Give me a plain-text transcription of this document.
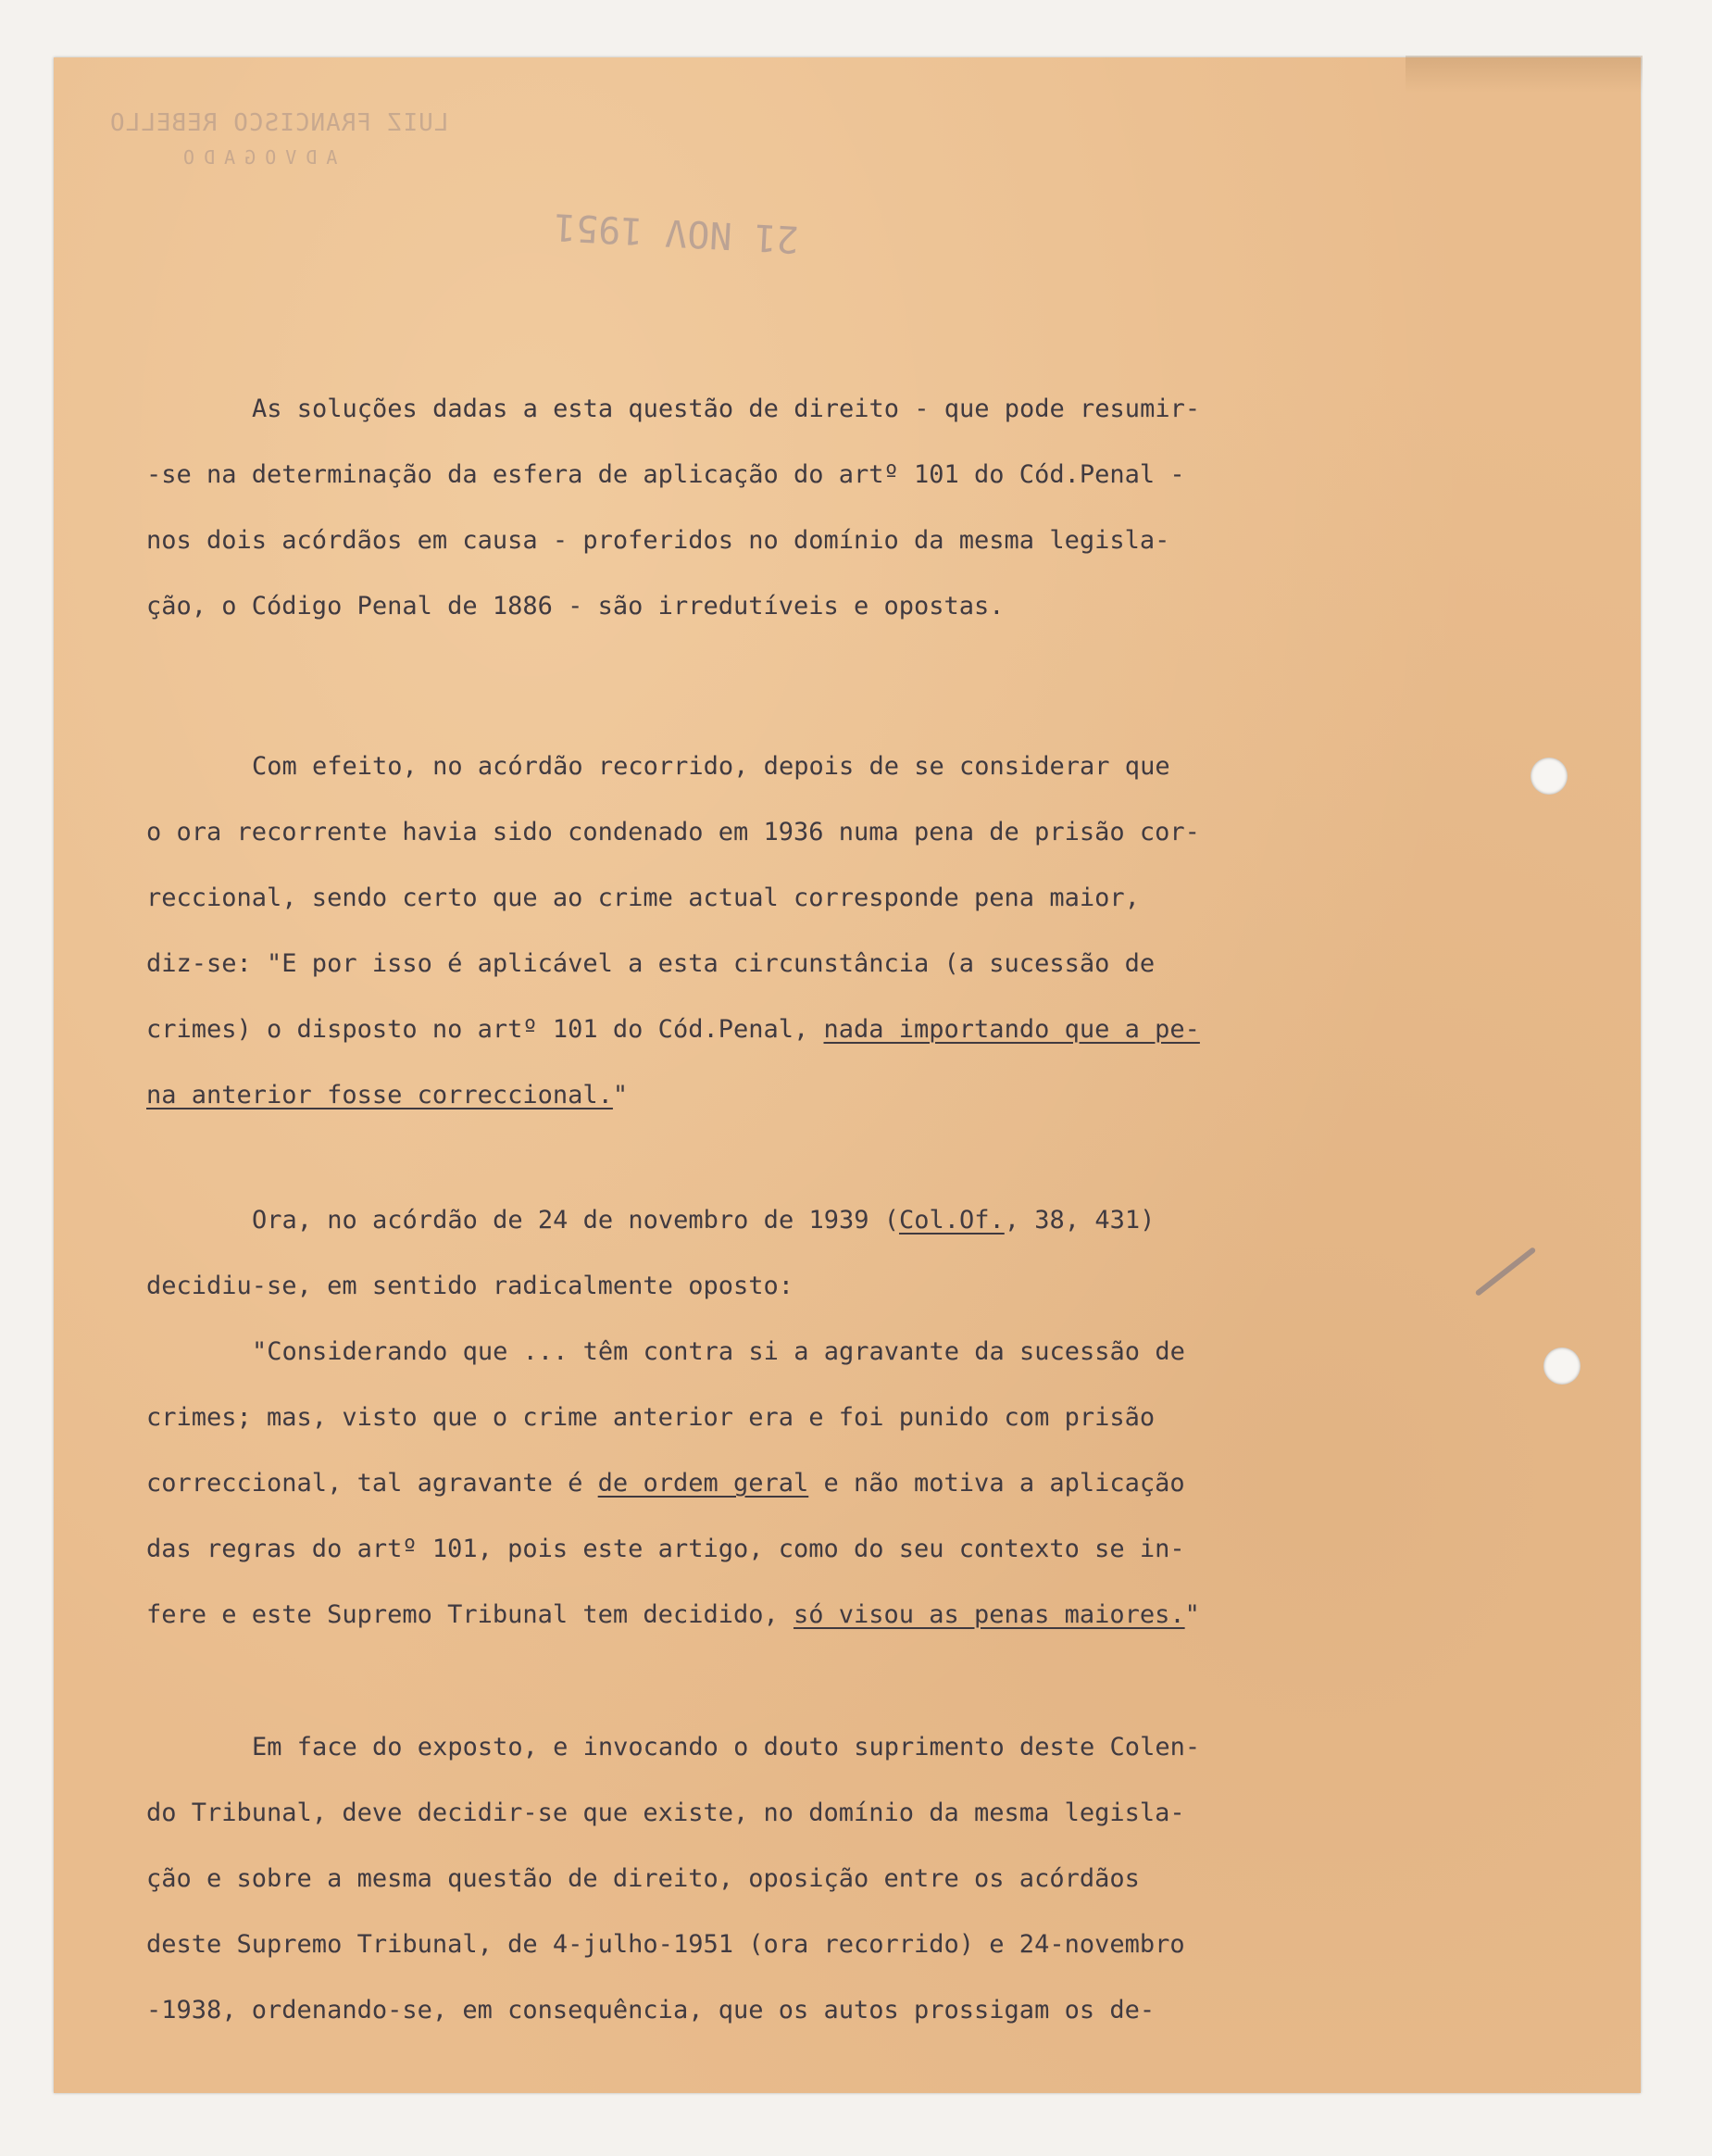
LUIZ FRANCISCO REBELLO
ADVOGADO
21 NOV 1951
As soluções dadas a esta questão de direito - que pode resumir-
-se na determinação da esfera de aplicação do artº 101 do Cód.Penal -
nos dois acórdãos em causa - proferidos no domínio da mesma legisla-
ção, o Código Penal de 1886 - são irredutíveis e opostas.
Com efeito, no acórdão recorrido, depois de se considerar que
o ora recorrente havia sido condenado em 1936 numa pena de prisão cor-
reccional, sendo certo que ao crime actual corresponde pena maior,
diz-se: "E por isso é aplicável a esta circunstância (a sucessão de
crimes) o disposto no artº 101 do Cód.Penal, nada importando que a pe-
na anterior fosse correccional."
Ora, no acórdão de 24 de novembro de 1939 (Col.Of., 38, 431)
decidiu-se, em sentido radicalmente oposto:
"Considerando que ... têm contra si a agravante da sucessão de
crimes; mas, visto que o crime anterior era e foi punido com prisão
correccional, tal agravante é de ordem geral e não motiva a aplicação
das regras do artº 101, pois este artigo, como do seu contexto se in-
fere e este Supremo Tribunal tem decidido, só visou as penas maiores."
Em face do exposto, e invocando o douto suprimento deste Colen-
do Tribunal, deve decidir-se que existe, no domínio da mesma legisla-
ção e sobre a mesma questão de direito, oposição entre os acórdãos
deste Supremo Tribunal, de 4-julho-1951 (ora recorrido) e 24-novembro
-1938, ordenando-se, em consequência, que os autos prossigam os de-
